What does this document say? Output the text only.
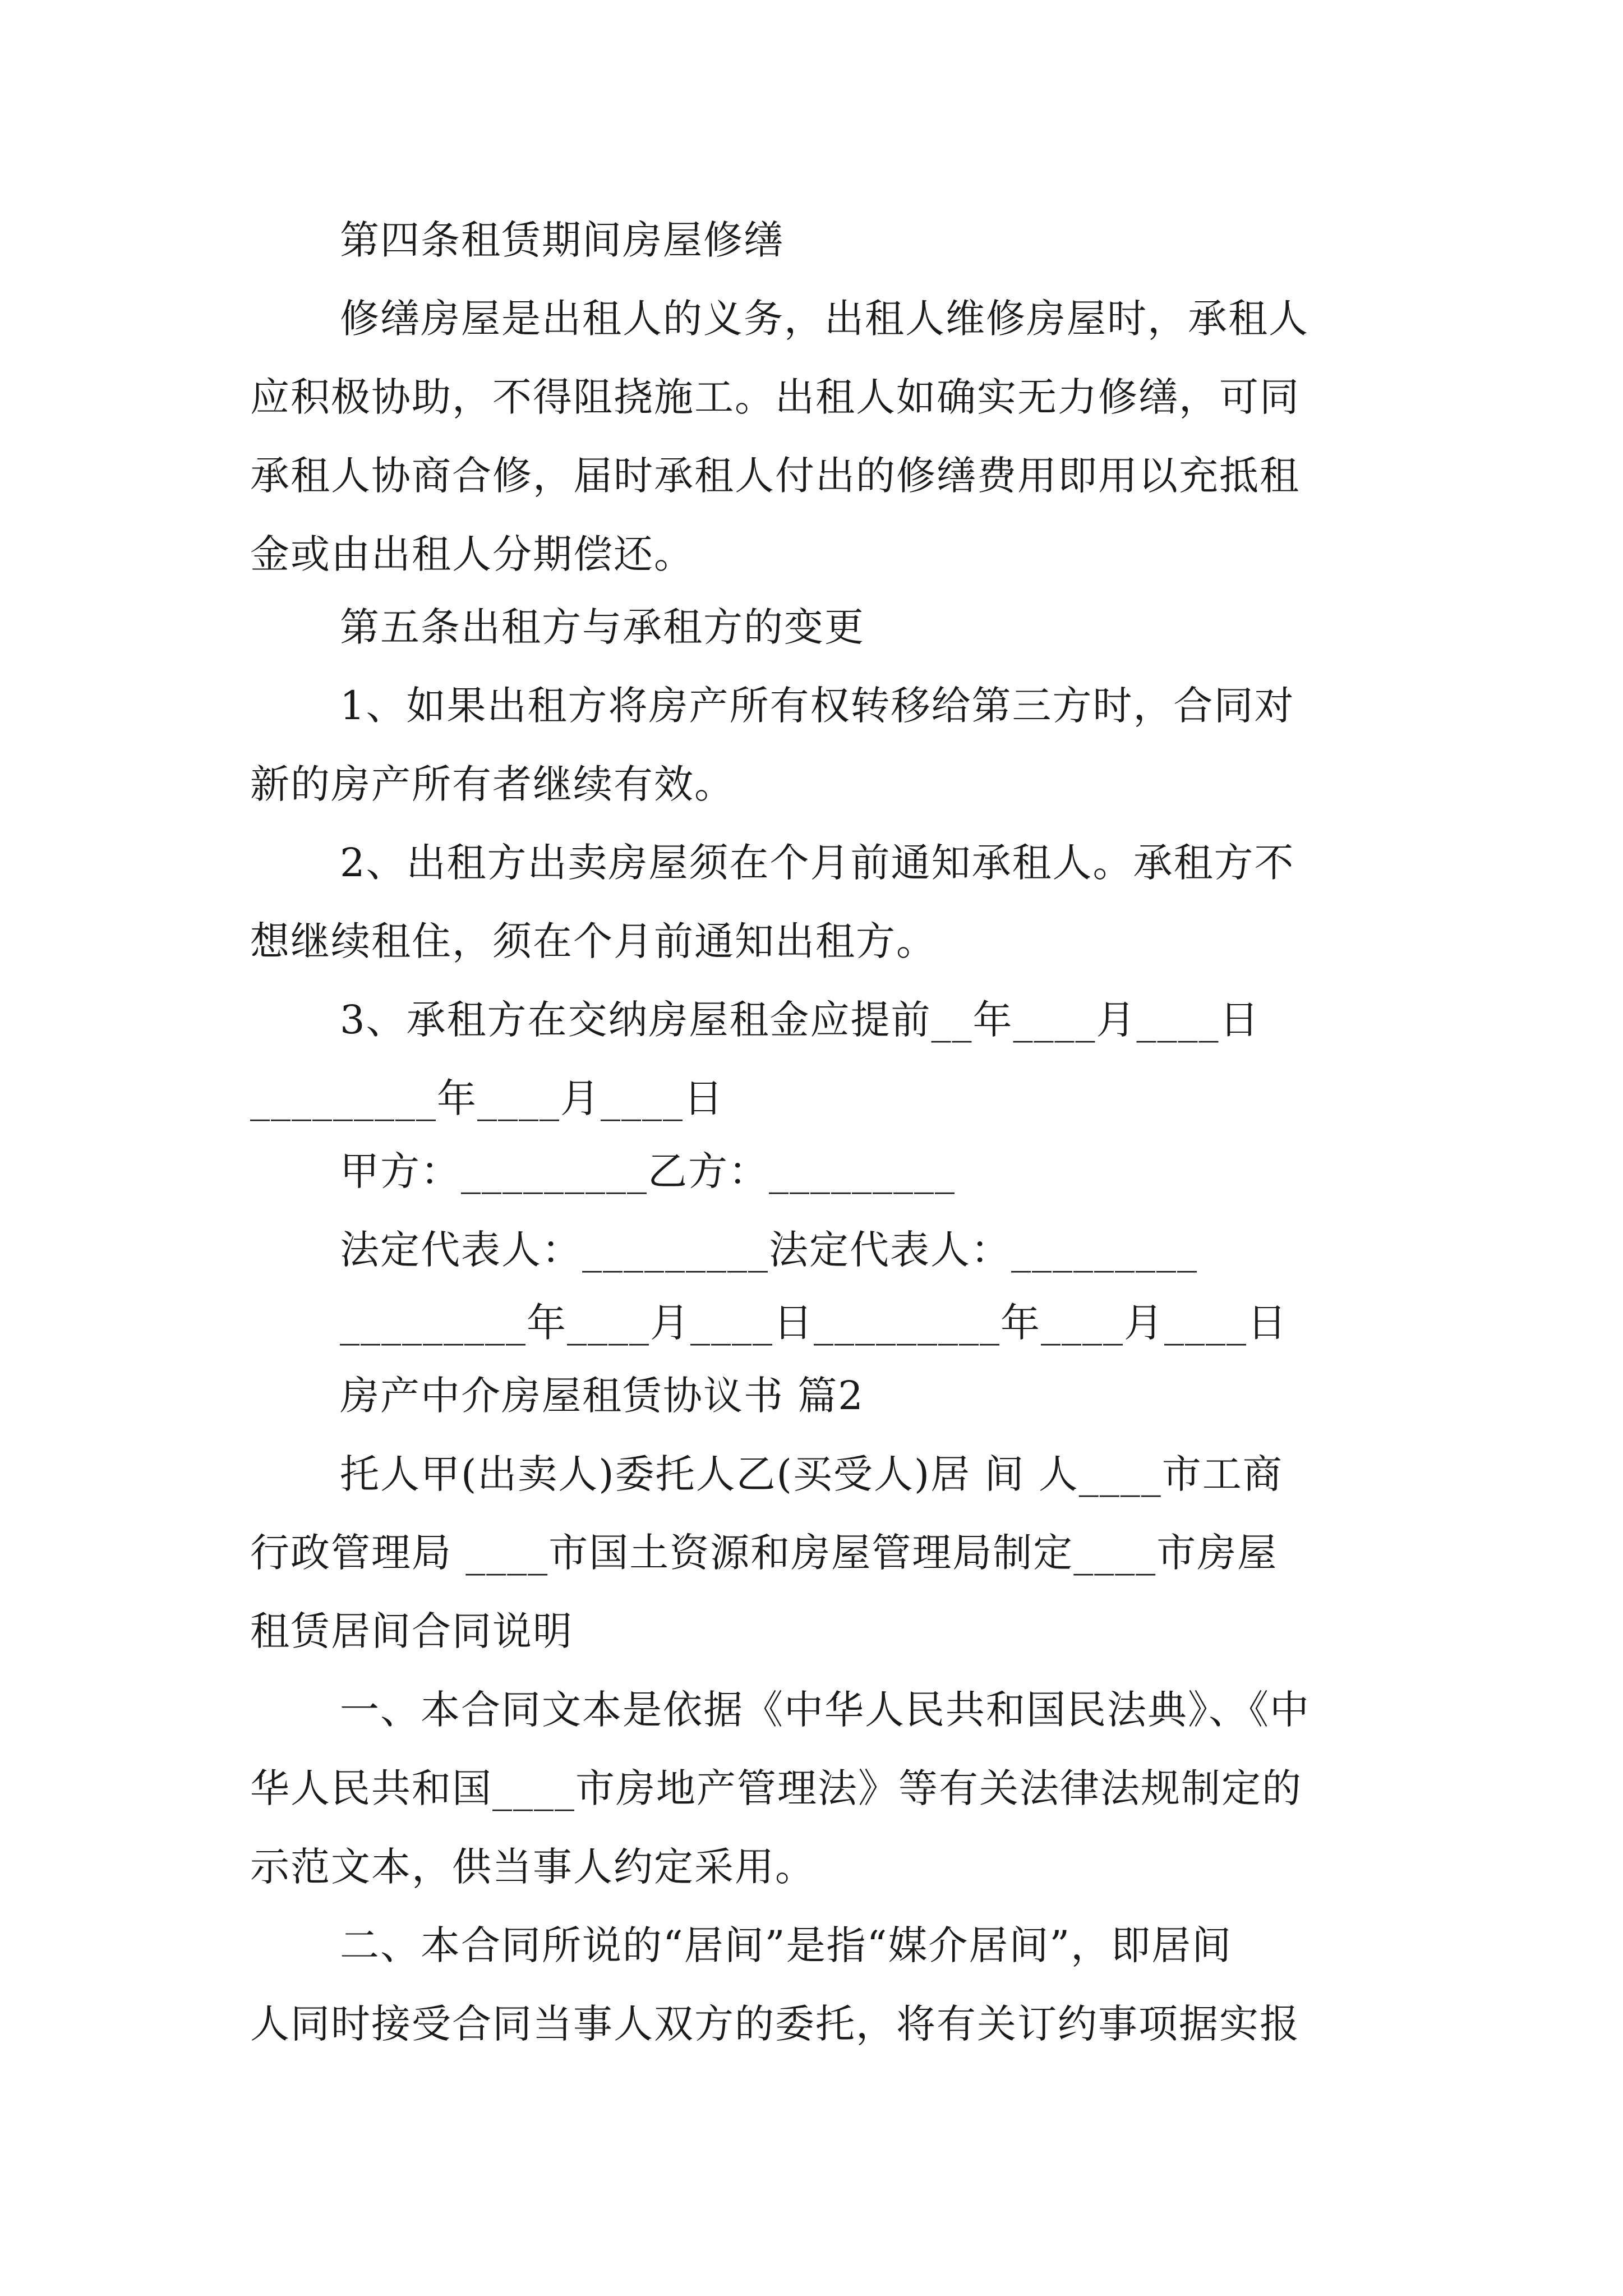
第四条租赁期间房屋修缮
修缮房屋是出租人的义务，出租人维修房屋时，承租人
应积极协助，不得阻挠施工。出租人如确实无力修缮，可同
承租人协商合修，届时承租人付出的修缮费用即用以充抵租
金或由出租人分期偿还。
第五条出租方与承租方的变更
1、如果出租方将房产所有权转移给第三方时，合同对
新的房产所有者继续有效。
2、出租方出卖房屋须在个月前通知承租人。承租方不
想继续租住，须在个月前通知出租方。
3、承租方在交纳房屋租金应提前__年____月____日
_________年____月____日
甲方：_________乙方：_________
法定代表人：_________法定代表人：_________
_________年____月____日_________年____月____日
房产中介房屋租赁协议书 篇2
托人甲(出卖人)委托人乙(买受人)居 间 人____市工商
行政管理局 ____市国土资源和房屋管理局制定____市房屋
租赁居间合同说明
一、本合同文本是依据《中华人民共和国民法典》、《中
华人民共和国____市房地产管理法》等有关法律法规制定的
示范文本，供当事人约定采用。
二、本合同所说的“居间”是指“媒介居间”，即居间
人同时接受合同当事人双方的委托，将有关订约事项据实报
